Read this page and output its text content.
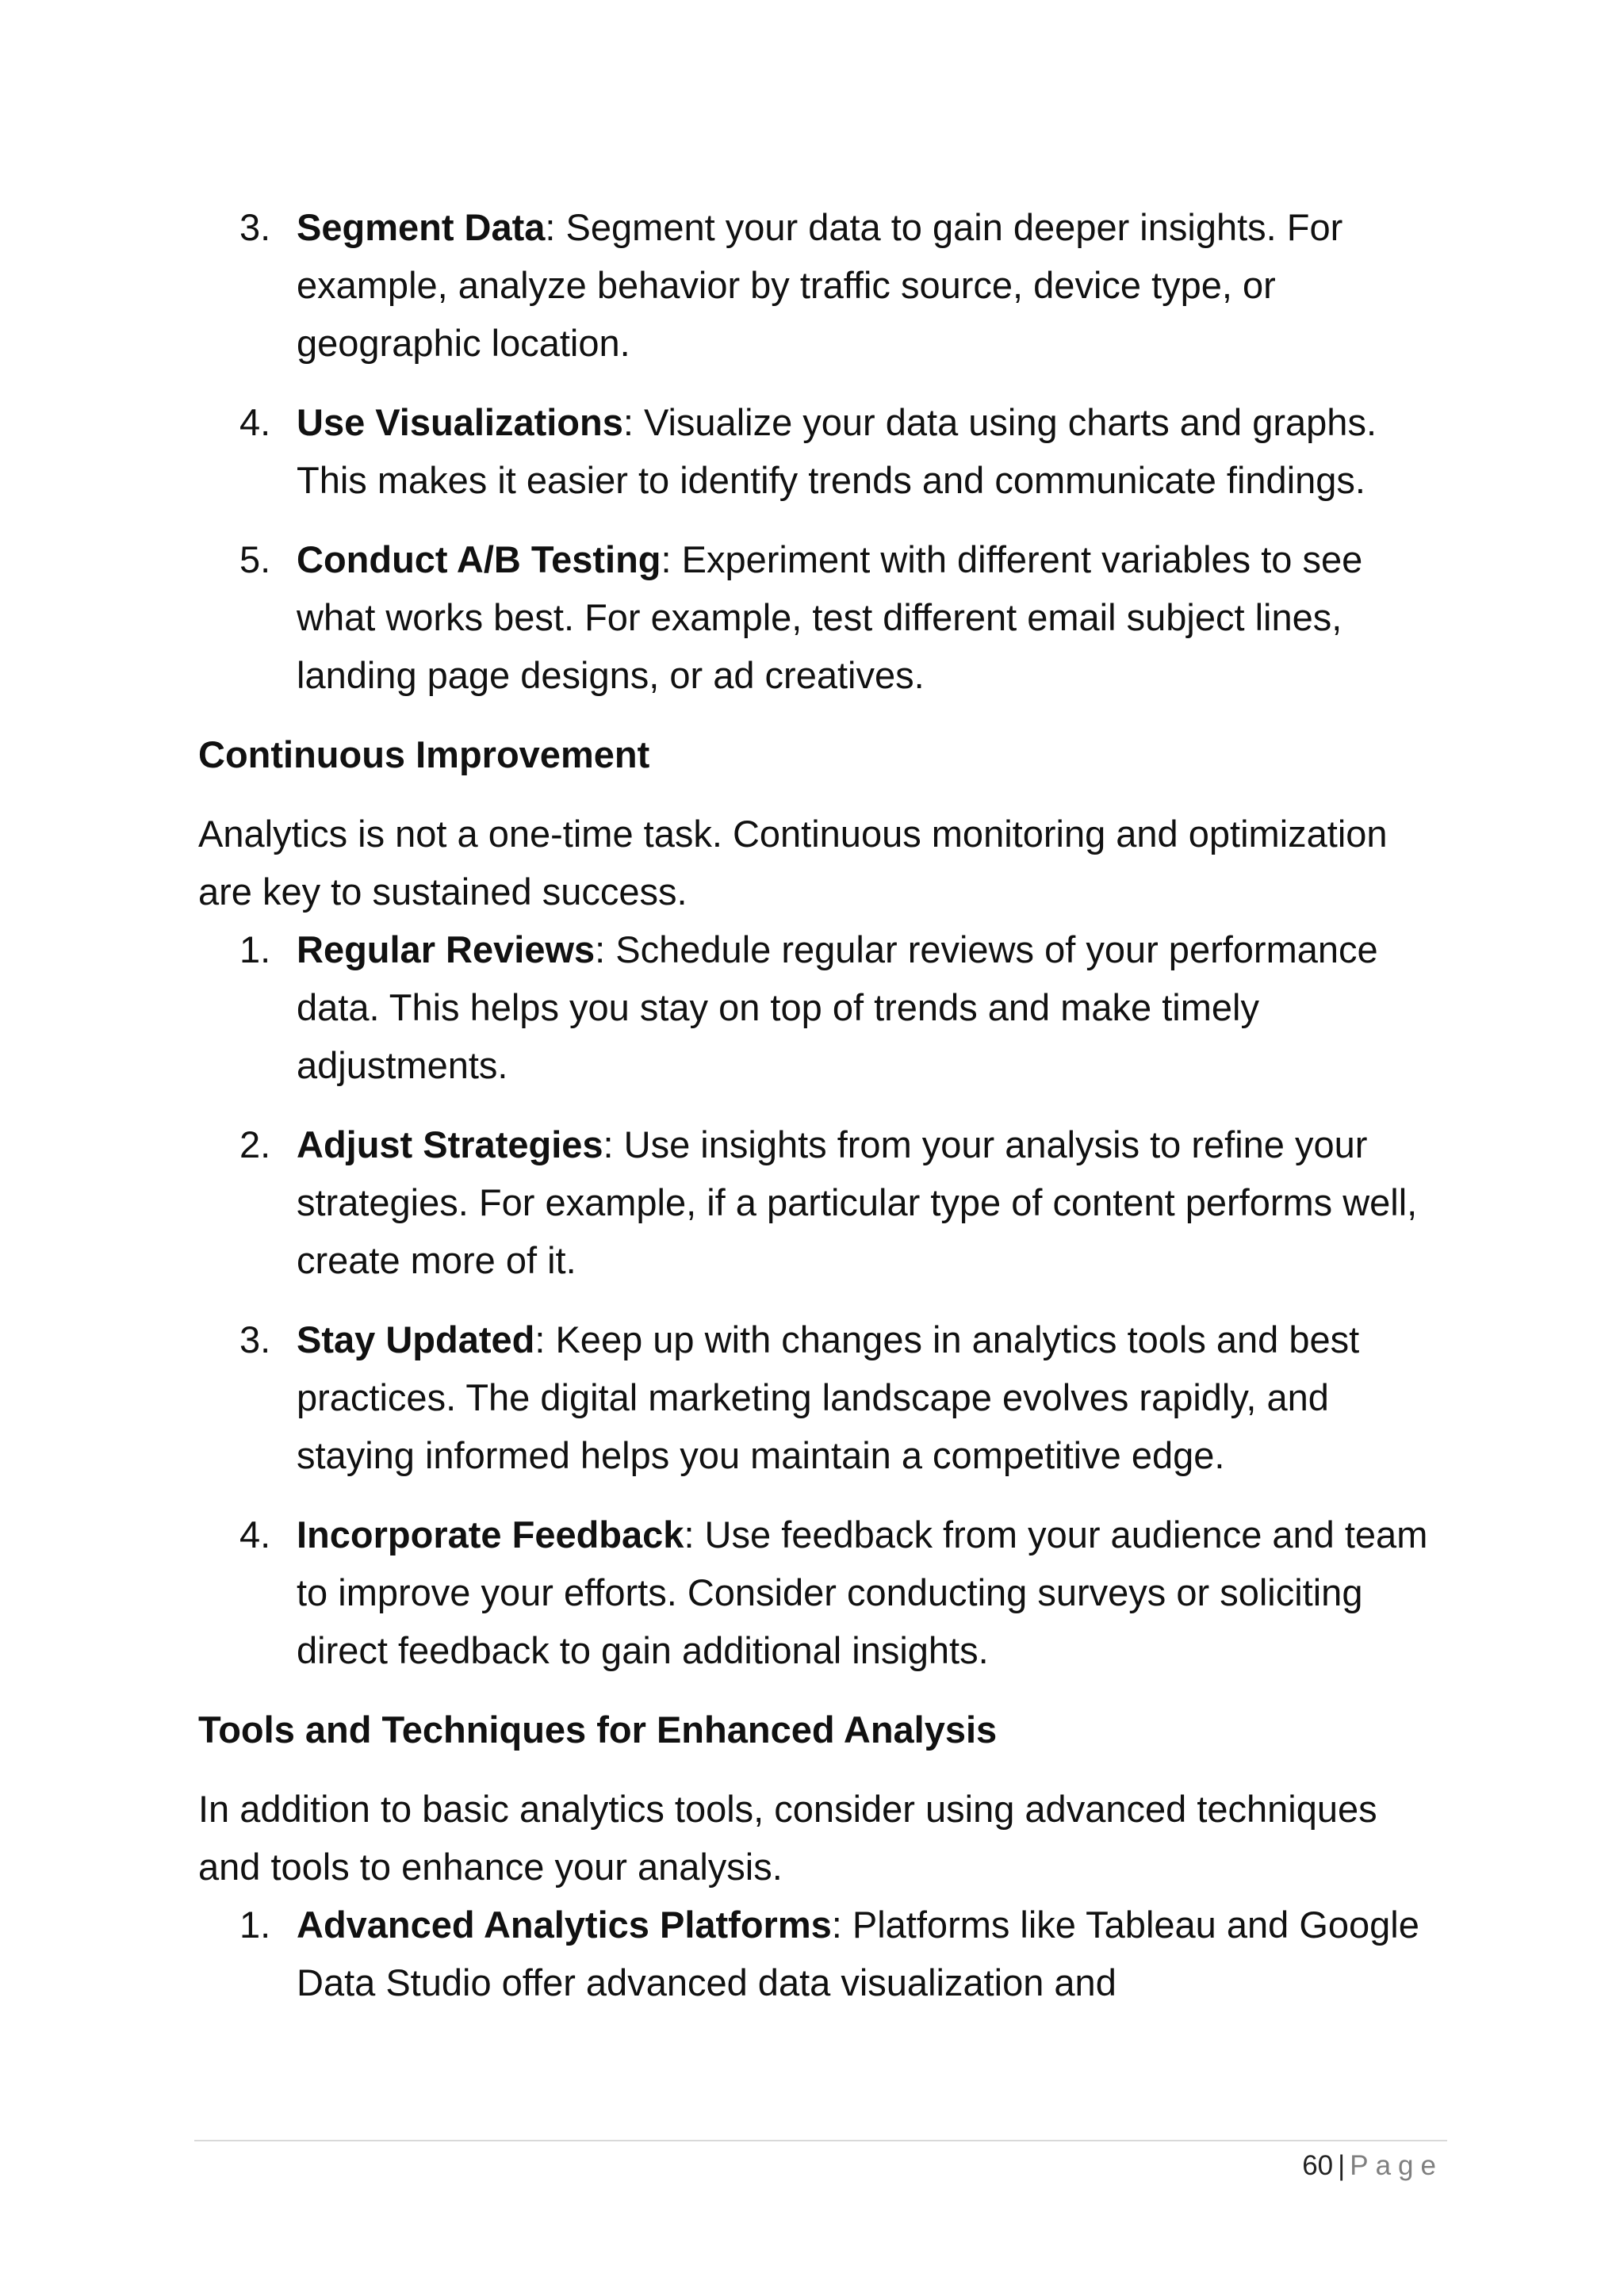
3. Segment Data: Segment your data to gain deeper insights. For example, analyze behavior by traffic source, device type, or geographic location.
4. Use Visualizations: Visualize your data using charts and graphs. This makes it easier to identify trends and communicate findings.
5. Conduct A/B Testing: Experiment with different variables to see what works best. For example, test different email subject lines, landing page designs, or ad creatives.
Continuous Improvement

Analytics is not a one-time task. Continuous monitoring and optimization are key to sustained success.

1. Regular Reviews: Schedule regular reviews of your performance data. This helps you stay on top of trends and make timely adjustments.
2. Adjust Strategies: Use insights from your analysis to refine your strategies. For example, if a particular type of content performs well, create more of it.
3. Stay Updated: Keep up with changes in analytics tools and best practices. The digital marketing landscape evolves rapidly, and staying informed helps you maintain a competitive edge.
4. Incorporate Feedback: Use feedback from your audience and team to improve your efforts. Consider conducting surveys or soliciting direct feedback to gain additional insights.
Tools and Techniques for Enhanced Analysis

In addition to basic analytics tools, consider using advanced techniques and tools to enhance your analysis.

1. Advanced Analytics Platforms: Platforms like Tableau and Google Data Studio offer advanced data visualization and
60 | Page
